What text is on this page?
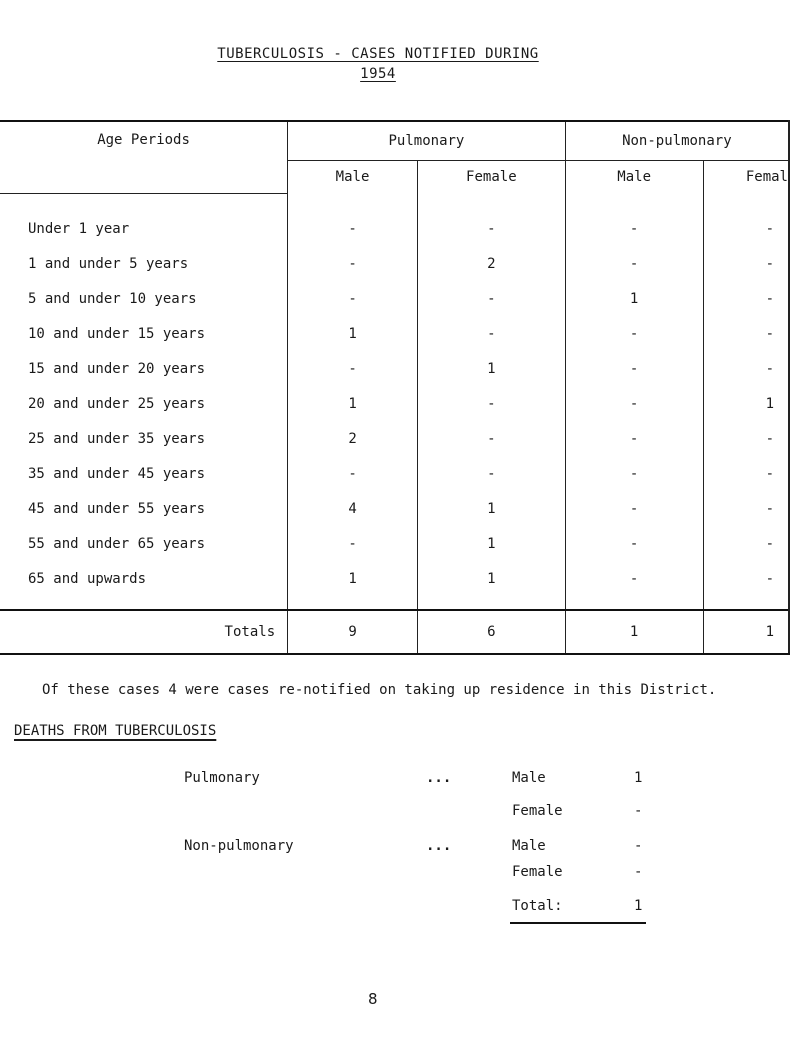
TUBERCULOSIS - CASES NOTIFIED DURING
1954
Age Periods	Pulmonary		Non-pulmonary	
	Male	Female	Male	Femal
Under 1 year	-	-	-	-
1 and under 5 years	-	2	-	-
5 and under 10 years	-	-	1	-
10 and under 15 years	1	-	-	-
15 and under 20 years	-	1	-	-
20 and under 25 years	1	-	-	1
25 and under 35 years	2	-	-	-
35 and under 45 years	-	-	-	-
45 and under 55 years	4	1	-	-
55 and under 65 years	-	1	-	-
65 and upwards	1	1	-	-

Totals	9	6	1	1
Of these cases 4 were cases re-notified on taking up residence in this District.
DEATHS FROM TUBERCULOSIS
Pulmonary	...	Male	1
Female	-
Non-pulmonary	...	Male	-
Female	-
Total:	1
8
